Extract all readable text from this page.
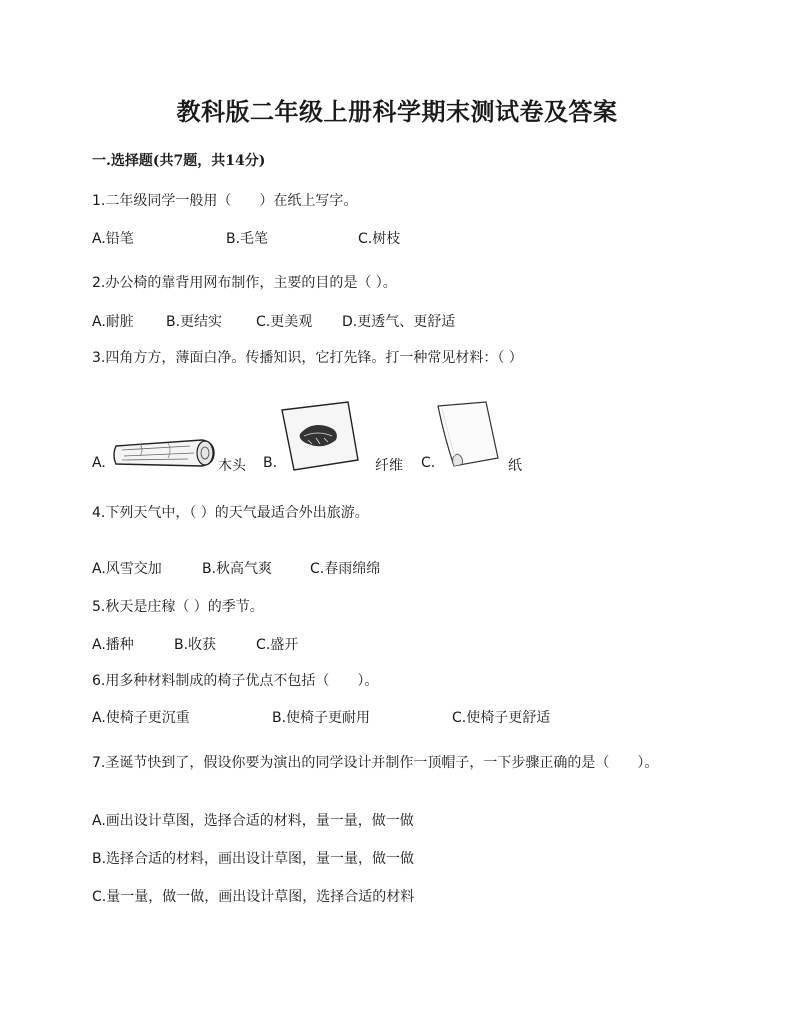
教科版二年级上册科学期末测试卷及答案
一.选择题(共7题，共14分)
1.二年级同学一般用（　　）在纸上写字。
A.铅笔	B.毛笔	C.树枝
2.办公椅的靠背用网布制作，主要的目的是（ ）。
A.耐脏 B.更结实 C.更美观 D.更透气、更舒适
3.四角方方，薄面白净。传播知识，它打先锋。打一种常见材料：（ ）
A.	木头 B.	纤维 C.	纸
4.下列天气中，（ ）的天气最适合外出旅游。
A.风雪交加	B.秋高气爽	C.春雨绵绵
5.秋天是庄稼（ ）的季节。
A.播种	B.收获	C.盛开
6.用多种材料制成的椅子优点不包括（　　）。
A.使椅子更沉重	B.使椅子更耐用	C.使椅子更舒适
7.圣诞节快到了，假设你要为演出的同学设计并制作一顶帽子，一下步骤正确的是（　　）。
A.画出设计草图，选择合适的材料，量一量，做一做
B.选择合适的材料，画出设计草图，量一量，做一做
C.量一量，做一做，画出设计草图，选择合适的材料
